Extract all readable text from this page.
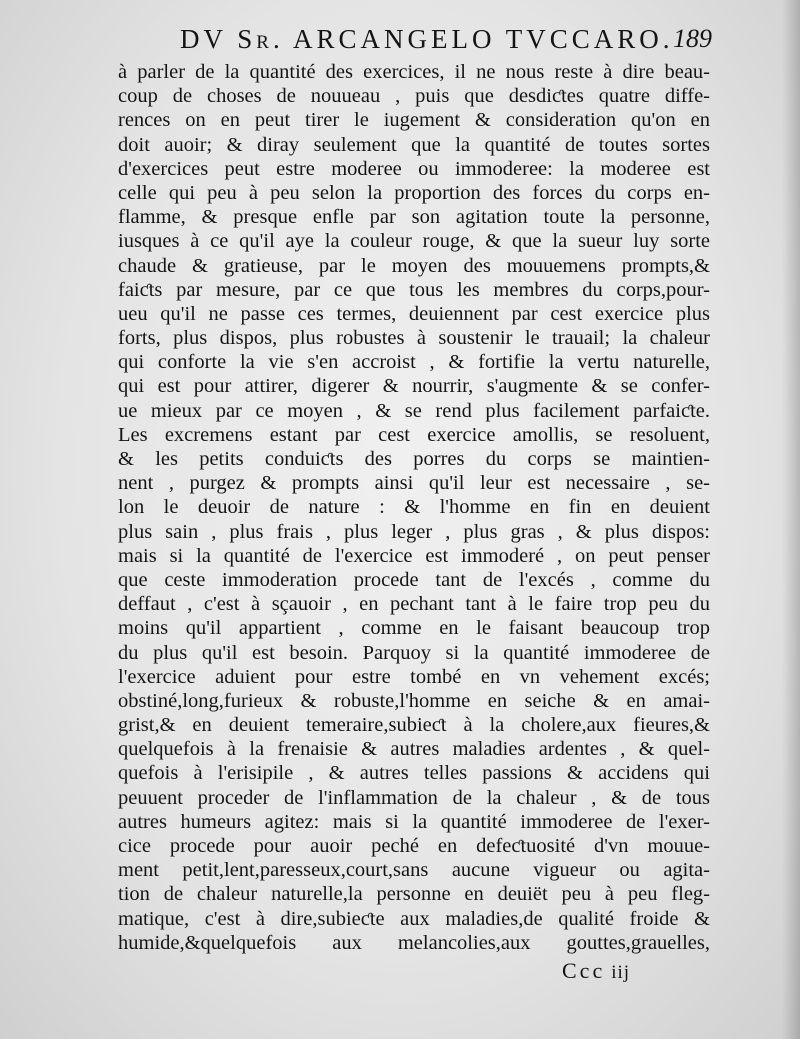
DV Sr. ARCANGELO TVCCARO. 189
à parler de la quantité des exercices, il ne nous reste à dire beau-
coup de choses de nouueau , puis que desdiƈtes quatre diffe-
rences on en peut tirer le iugement & consideration qu'on en
doit auoir; & diray seulement que la quantité de toutes sortes
d'exercices peut estre moderee ou immoderee: la moderee est
celle qui peu à peu selon la proportion des forces du corps en-
flamme, & presque enfle par son agitation toute la personne,
iusques à ce qu'il aye la couleur rouge, & que la sueur luy sorte
chaude & gratieuse, par le moyen des mouuemens prompts,&
faiƈts par mesure, par ce que tous les membres du corps,pour-
ueu qu'il ne passe ces termes, deuiennent par cest exercice plus
forts, plus dispos, plus robustes à soustenir le trauail; la chaleur
qui conforte la vie s'en accroist , & fortifie la vertu naturelle,
qui est pour attirer, digerer & nourrir, s'augmente & se confer-
ue mieux par ce moyen , & se rend plus facilement parfaiƈte.
Les excremens estant par cest exercice amollis, se resoluent,
& les petits conduiƈts des porres du corps se maintien-
nent , purgez & prompts ainsi qu'il leur est necessaire , se-
lon le deuoir de nature : & l'homme en fin en deuient
plus sain , plus frais , plus leger , plus gras , & plus dispos:
mais si la quantité de l'exercice est immoderé , on peut penser
que ceste immoderation procede tant de l'excés , comme du
deffaut , c'est à sçauoir , en pechant tant à le faire trop peu du
moins qu'il appartient , comme en le faisant beaucoup trop
du plus qu'il est besoin. Parquoy si la quantité immoderee de
l'exercice aduient pour estre tombé en vn vehement excés;
obstiné,long,furieux & robuste,l'homme en seiche & en amai-
grist,& en deuient temeraire,subieƈt à la cholere,aux fieures,&
quelquefois à la frenaisie & autres maladies ardentes , & quel-
quefois à l'erisipile , & autres telles passions & accidens qui
peuuent proceder de l'inflammation de la chaleur , & de tous
autres humeurs agitez: mais si la quantité immoderee de l'exer-
cice procede pour auoir peché en defeƈtuosité d'vn mouue-
ment petit,lent,paresseux,court,sans aucune vigueur ou agita-
tion de chaleur naturelle,la personne en deuiët peu à peu fleg-
matique, c'est à dire,subieƈte aux maladies,de qualité froide &
humide,&quelquefois aux melancolies,aux gouttes,grauelles,
Ccc iij
